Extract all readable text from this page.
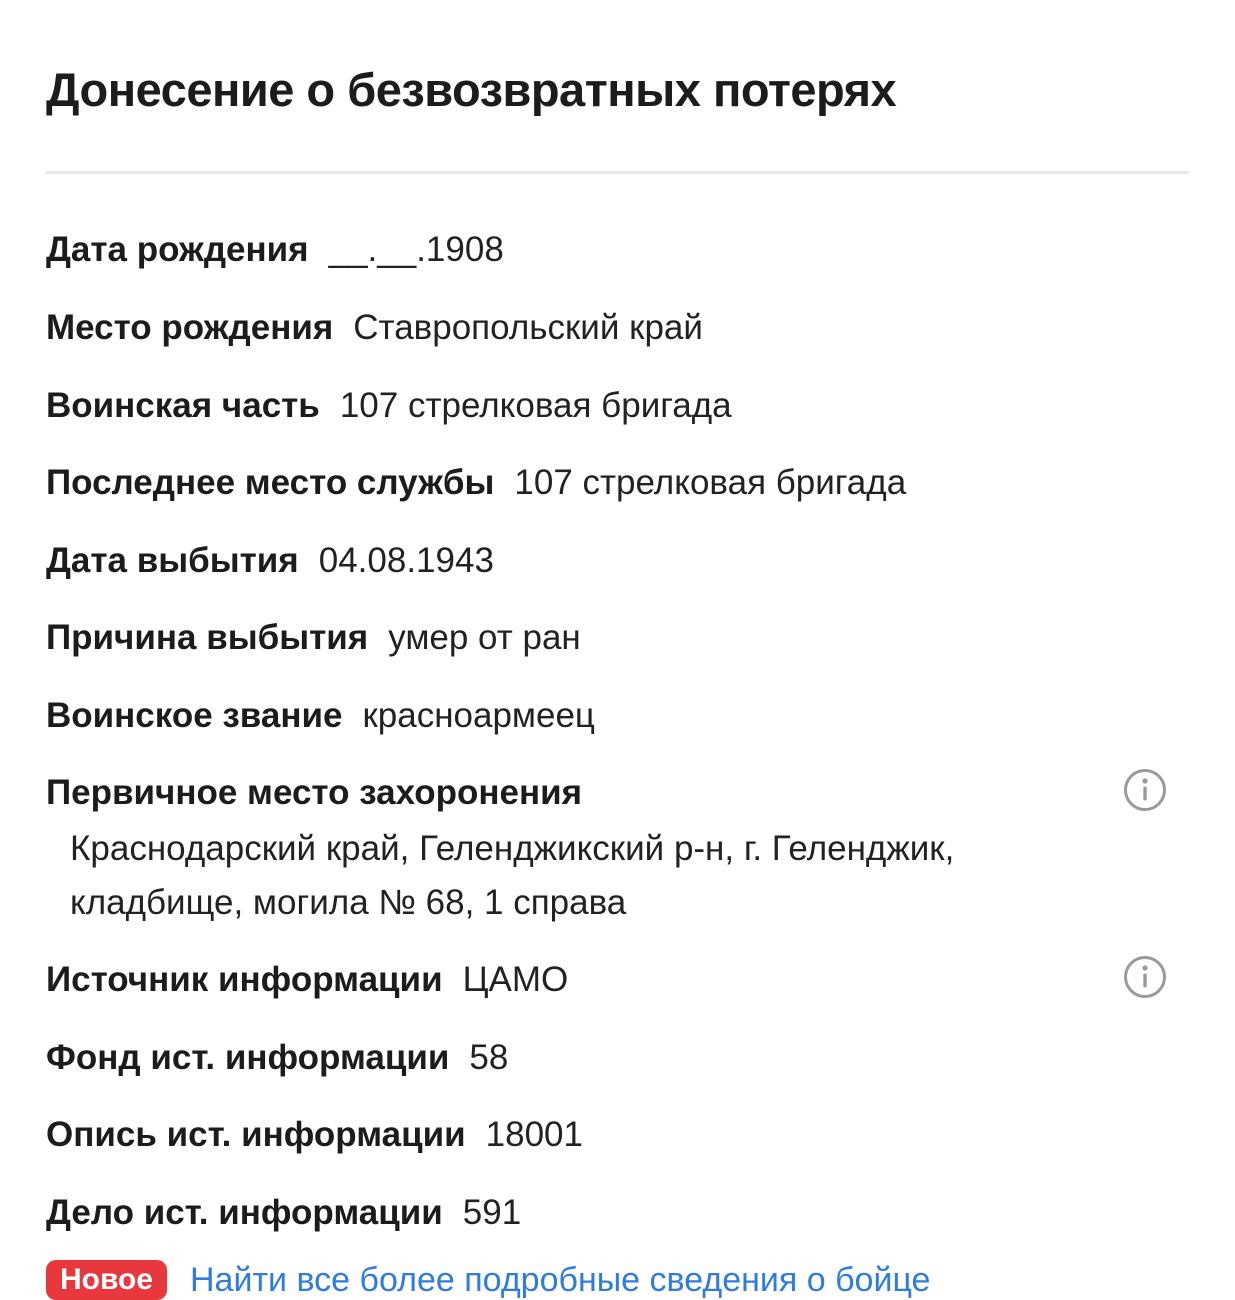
Донесение о безвозвратных потерях
Дата рождения __.__.1908
Место рождения Ставропольский край
Воинская часть 107 стрелковая бригада
Последнее место службы 107 стрелковая бригада
Дата выбытия 04.08.1943
Причина выбытия умер от ран
Воинское звание красноармеец
Первичное место захоронения
Краснодарский край, Геленджикский р-н, г. Геленджик,
кладбище, могила № 68, 1 справа
Источник информации ЦАМО
Фонд ист. информации 58
Опись ист. информации 18001
Дело ист. информации 591
Новое	Найти все более подробные сведения о бойце
